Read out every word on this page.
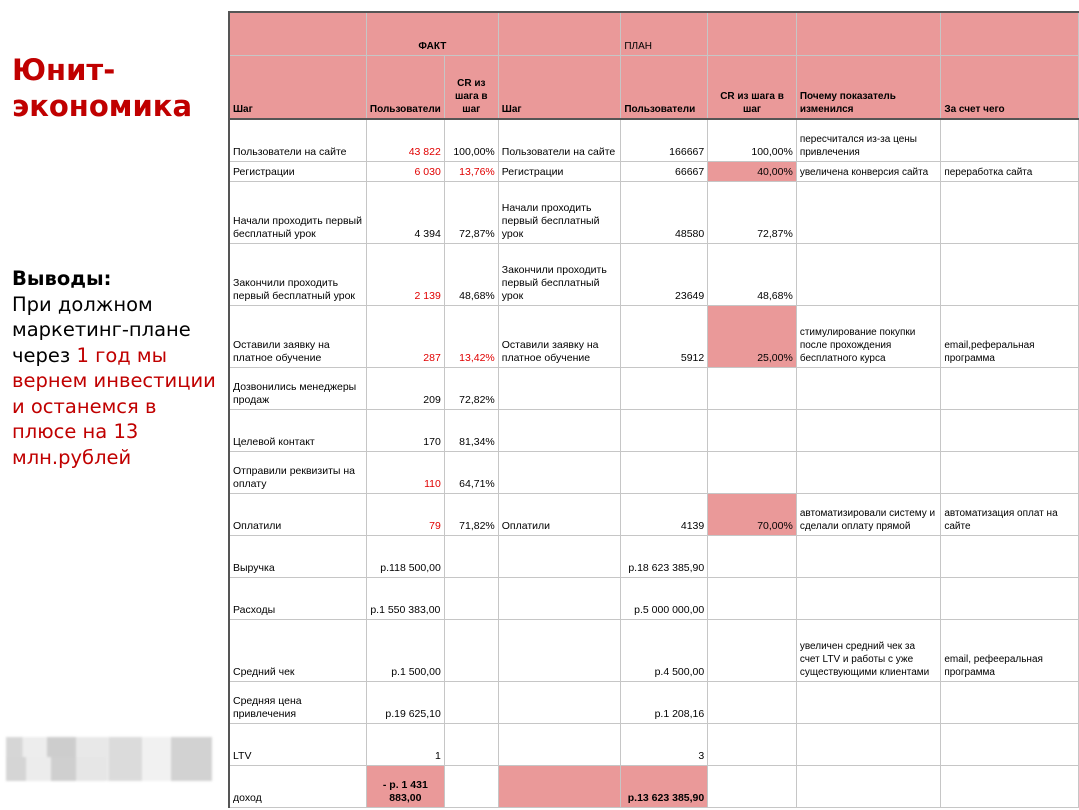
Юнит-экономика
Выводы:
При должном маркетинг-плане через 1 год мы вернем инвестиции и останемся в плюсе на 13 млн.рублей
	ФАКТ			ПЛАН			
Шаг	Пользователи	CR из шага в шаг	Шаг	Пользователи	CR из шага в шаг	Почему показатель изменился	За счет чего
Пользователи на сайте	43 822	100,00%	Пользователи на сайте	166667	100,00%	пересчитался из-за цены привлечения	
Регистрации	6 030	13,76%	Регистрации	66667	40,00%	увеличена конверсия сайта	переработка сайта
Начали проходить первый бесплатный урок	4 394	72,87%	Начали проходить первый бесплатный урок	48580	72,87%		
Закончили проходить первый бесплатный урок	2 139	48,68%	Закончили проходить первый бесплатный урок	23649	48,68%		
Оставили заявку на платное обучение	287	13,42%	Оставили заявку на платное обучение	5912	25,00%	стимулирование покупки после прохождения бесплатного курса	email,реферальная программа
Дозвонились менеджеры продаж	209	72,82%					
Целевой контакт	170	81,34%					
Отправили реквизиты на оплату	110	64,71%					
Оплатили	79	71,82%	Оплатили	4139	70,00%	автоматизировали систему и сделали оплату прямой	автоматизация оплат на сайте
Выручка	р.118 500,00			р.18 623 385,90			
Расходы	р.1 550 383,00			р.5 000 000,00			
Средний чек	р.1 500,00			р.4 500,00		увеличен средний чек за счет LTV и работы с уже существующими клиентами	email, рефееральная программа
Средняя цена привлечения	р.19 625,10			р.1 208,16			
LTV	1			3			
доход	- р. 1 431 883,00			р.13 623 385,90			
